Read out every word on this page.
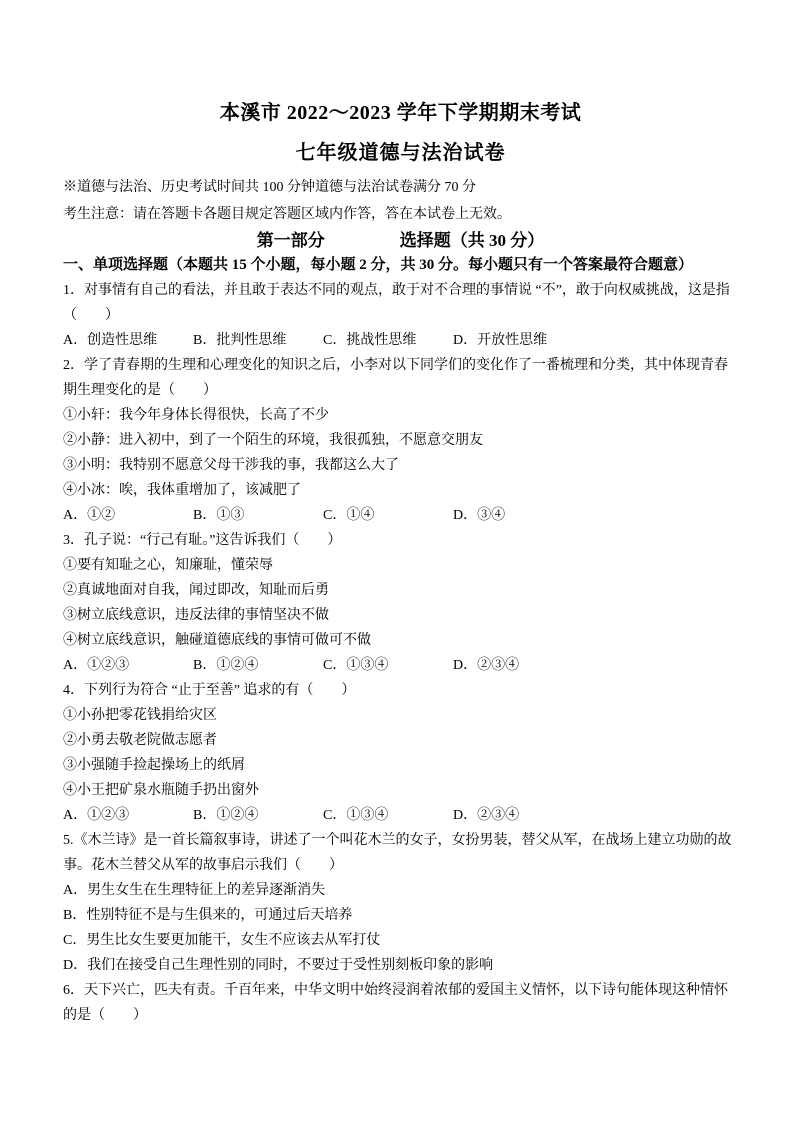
本溪市 2022～2023 学年下学期期末考试
七年级道德与法治试卷

※道德与法治、历史考试时间共 100 分钟道德与法治试卷满分 70 分

考生注意：请在答题卡各题目规定答题区域内作答，答在本试卷上无效。

第一部分	选择题（共 30 分）

一、单项选择题（本题共 15 个小题，每小题 2 分，共 30 分。每小题只有一个答案最符合题意）

1．对事情有自己的看法，并且敢于表达不同的观点，敢于对不合理的事情说 “不”，敢于向权威挑战，这是指

（　　）

A．创造性思维	B．批判性思维	C．挑战性思维	D．开放性思维

2．学了青春期的生理和心理变化的知识之后，小李对以下同学们的变化作了一番梳理和分类，其中体现青春

期生理变化的是（　　）

①小轩：我今年身体长得很快，长高了不少

②小静：进入初中，到了一个陌生的环境，我很孤独，不愿意交朋友

③小明：我特别不愿意父母干涉我的事，我都这么大了

④小冰：唉，我体重增加了，该减肥了

A．①②	B．①③	C．①④	D．③④

3．孔子说：“行己有耻。”这告诉我们（　　）

①要有知耻之心，知廉耻，懂荣辱

②真诚地面对自我，闻过即改，知耻而后勇

③树立底线意识，违反法律的事情坚决不做

④树立底线意识，触碰道德底线的事情可做可不做

A．①②③	B．①②④	C．①③④	D．②③④

4．下列行为符合 “止于至善” 追求的有（　　）

①小孙把零花钱捐给灾区

②小勇去敬老院做志愿者

③小强随手捡起操场上的纸屑

④小王把矿泉水瓶随手扔出窗外

A．①②③	B．①②④	C．①③④	D．②③④

5.《木兰诗》是一首长篇叙事诗，讲述了一个叫花木兰的女子，女扮男装，替父从军，在战场上建立功勋的故

事。花木兰替父从军的故事启示我们（　　）

A．男生女生在生理特征上的差异逐渐消失

B．性别特征不是与生俱来的，可通过后天培养

C．男生比女生要更加能干，女生不应该去从军打仗

D．我们在接受自己生理性别的同时，不要过于受性别刻板印象的影响

6．天下兴亡，匹夫有责。千百年来，中华文明中始终浸润着浓郁的爱国主义情怀，以下诗句能体现这种情怀

的是（　　）
